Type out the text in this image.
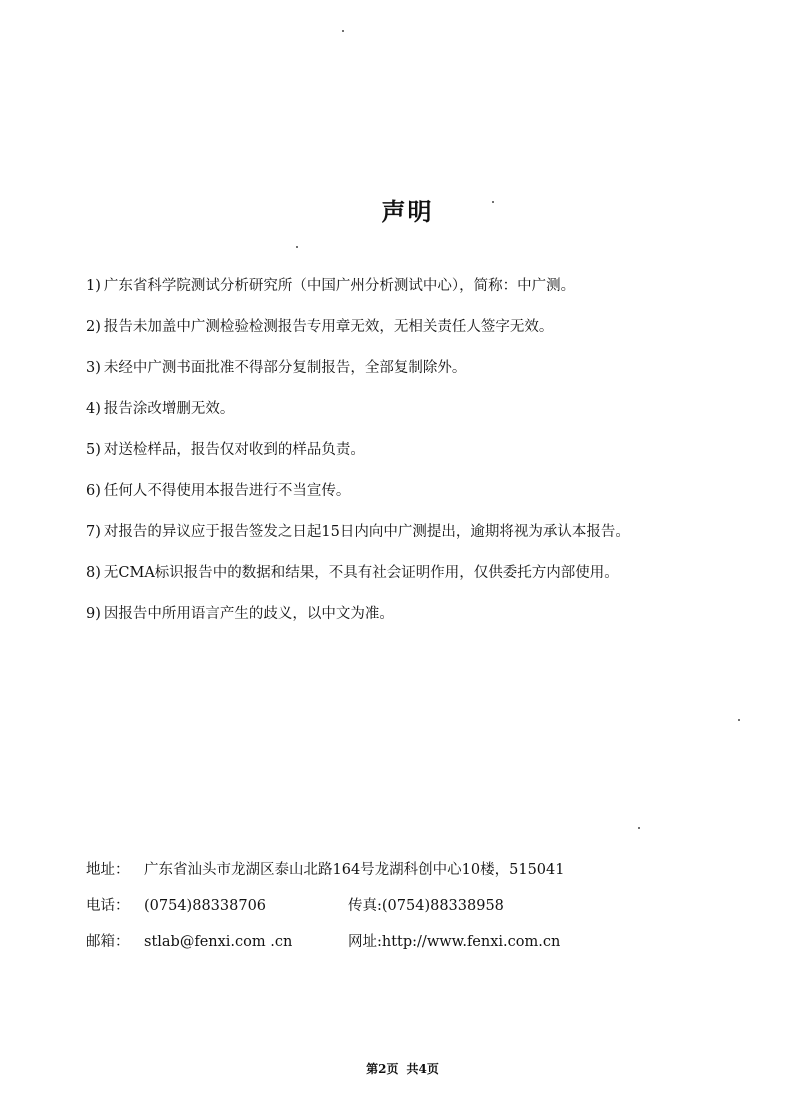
声明
1) 广东省科学院测试分析研究所（中国广州分析测试中心），简称：中广测。
2) 报告未加盖中广测检验检测报告专用章无效，无相关责任人签字无效。
3) 未经中广测书面批准不得部分复制报告，全部复制除外。
4) 报告涂改增删无效。
5) 对送检样品，报告仅对收到的样品负责。
6) 任何人不得使用本报告进行不当宣传。
7) 对报告的异议应于报告签发之日起15日内向中广测提出，逾期将视为承认本报告。
8) 无CMA标识报告中的数据和结果，不具有社会证明作用，仅供委托方内部使用。
9) 因报告中所用语言产生的歧义，以中文为准。
地址： 广东省汕头市龙湖区泰山北路164号龙湖科创中心10楼，515041
电话： (0754)88338706	传真:(0754)88338958
邮箱： stlab@fenxi.com .cn	网址:http://www.fenxi.com.cn
第2页 共4页
